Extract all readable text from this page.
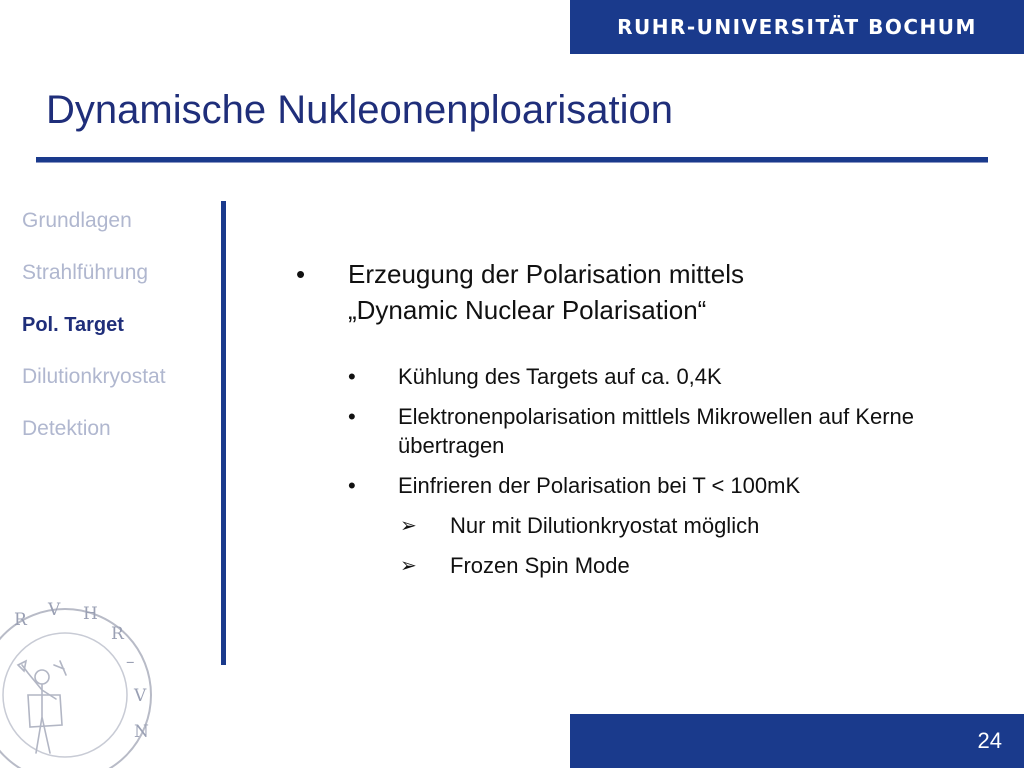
RUHR-UNIVERSITÄT BOCHUM
Dynamische Nukleonenploarisation
Grundlagen
Strahlführung
Pol. Target
Dilutionkryostat
Detektion
• Erzeugung der Polarisation mittels
„Dynamic Nuclear Polarisation“
• Kühlung des Targets auf ca. 0,4K
• Elektronenpolarisation mittlels Mikrowellen auf Kerne übertragen
• Einfrieren der Polarisation bei T < 100mK
➢ Nur mit Dilutionkryostat möglich
➢ Frozen Spin Mode
R V H
R
–
V
N	24
